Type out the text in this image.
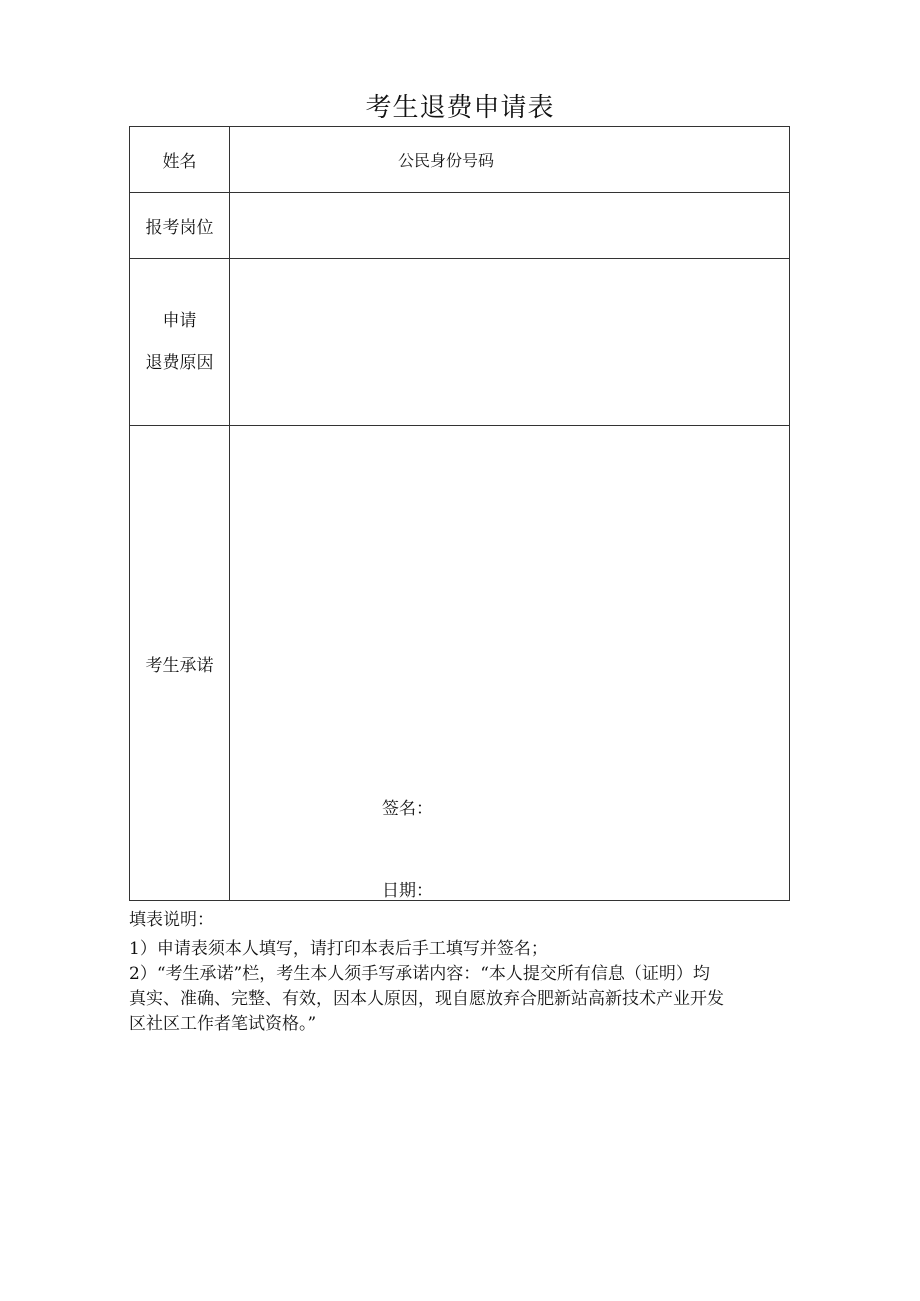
考生退费申请表
姓名	公民身份号码
报考岗位
申请
退费原因
考生承诺
签名：
日期：
填表说明：
1）申请表须本人填写，请打印本表后手工填写并签名；
2）“考生承诺”栏，考生本人须手写承诺内容：“本人提交所有信息（证明）均
真实、准确、完整、有效，因本人原因，现自愿放弃合肥新站高新技术产业开发
区社区工作者笔试资格。”
